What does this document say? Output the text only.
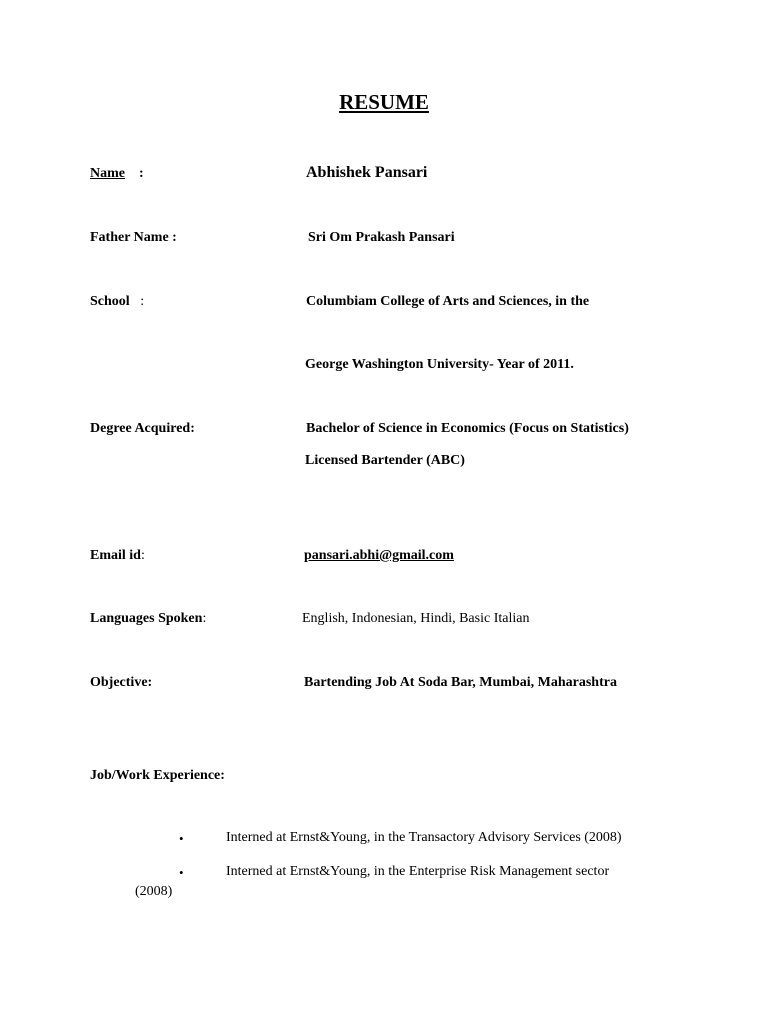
RESUME
Name :	Abhishek Pansari
Father Name :	Sri Om Prakash Pansari
School :	Columbiam College of Arts and Sciences, in the
George Washington University- Year of 2011.
Degree Acquired:	Bachelor of Science in Economics (Focus on Statistics)
Licensed Bartender (ABC)
Email id:	pansari.abhi@gmail.com
Languages Spoken:	English, Indonesian, Hindi, Basic Italian
Objective:	Bartending Job At Soda Bar, Mumbai, Maharashtra
Job/Work Experience:
•	Interned at Ernst&Young, in the Transactory Advisory Services (2008)
•	Interned at Ernst&Young, in the Enterprise Risk Management sector
(2008)
